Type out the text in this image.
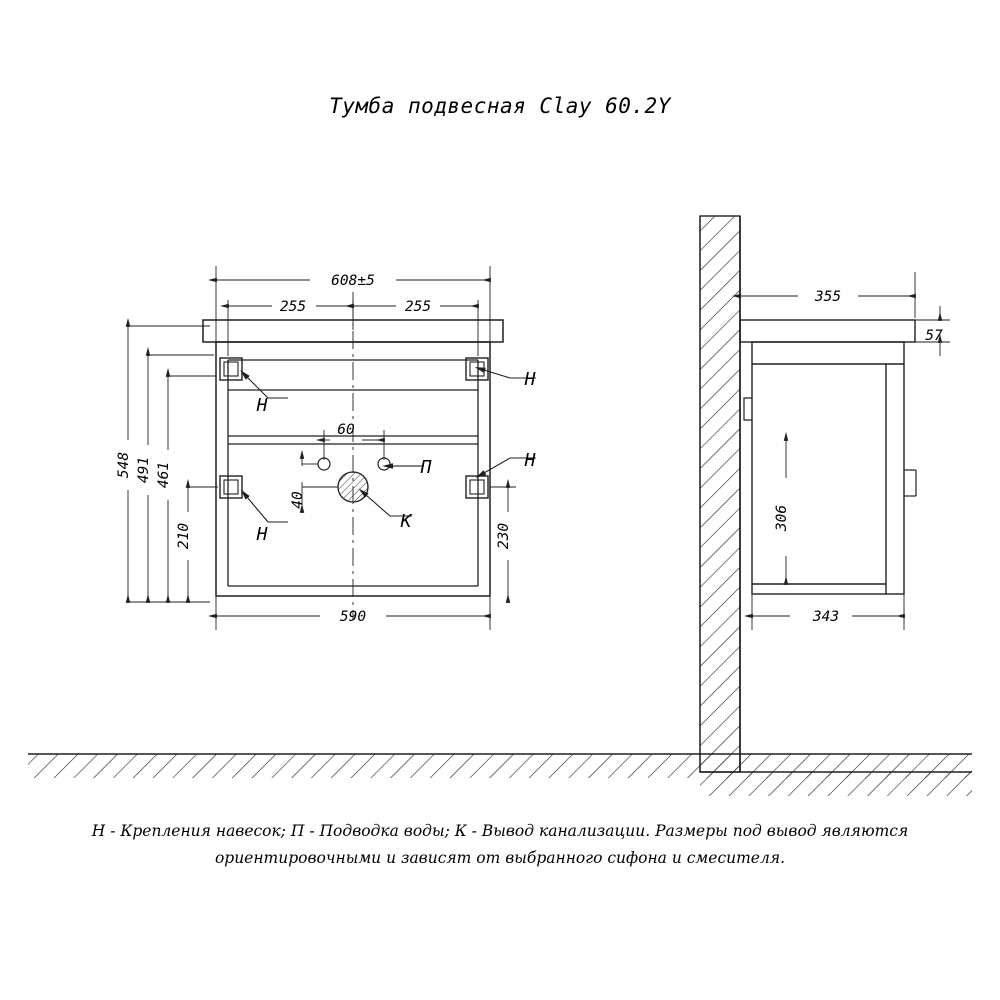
Тумба подвесная Clay 60.2Y
608±5
255	255
548 491 461
210	230
590
60
40
355
57
306
343
Н
Н
Н
Н
П
К
Н - Крепления навесок; П - Подводка воды; К - Вывод канализации. Размеры под вывод являются
ориентировочными и зависят от выбранного сифона и смесителя.
